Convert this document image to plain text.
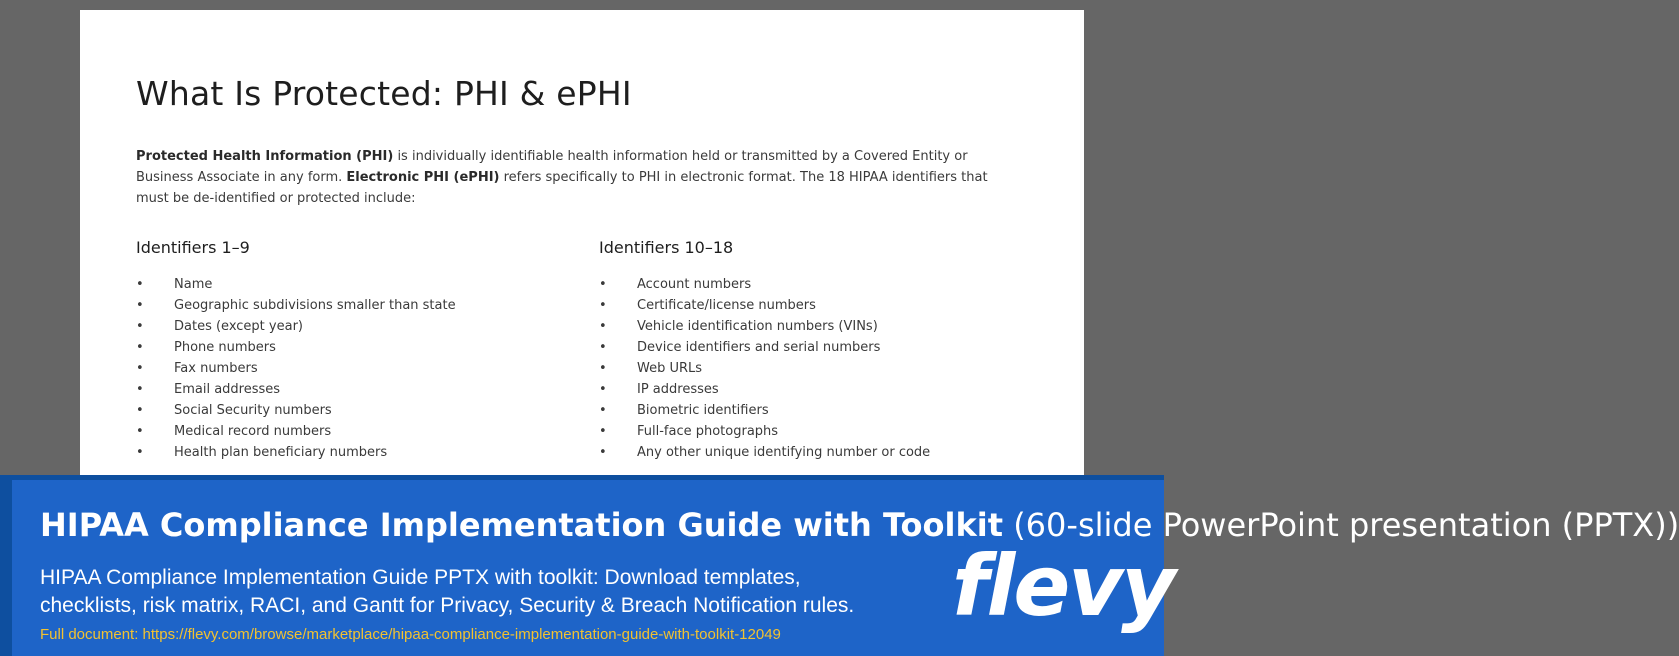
What Is Protected: PHI & ePHI

Protected Health Information (PHI) is individually identifiable health information held or transmitted by a Covered Entity or Business Associate in any form. Electronic PHI (ePHI) refers specifically to PHI in electronic format. The 18 HIPAA identifiers that must be de-identified or protected include:

Identifiers 1–9
• Name
• Geographic subdivisions smaller than state
• Dates (except year)
• Phone numbers
• Fax numbers
• Email addresses
• Social Security numbers
• Medical record numbers
• Health plan beneficiary numbers
Identifiers 10–18
• Account numbers
• Certificate/license numbers
• Vehicle identification numbers (VINs)
• Device identifiers and serial numbers
• Web URLs
• IP addresses
• Biometric identifiers
• Full-face photographs
• Any other unique identifying number or code
HIPAA Compliance Implementation Guide with Toolkit (60-slide PowerPoint presentation (PPTX))

HIPAA Compliance Implementation Guide PPTX with toolkit: Download templates, checklists, risk matrix, RACI, and Gantt for Privacy, Security & Breach Notification rules.

Full document: https://flevy.com/browse/marketplace/hipaa-compliance-implementation-guide-with-toolkit-12049 flevy
